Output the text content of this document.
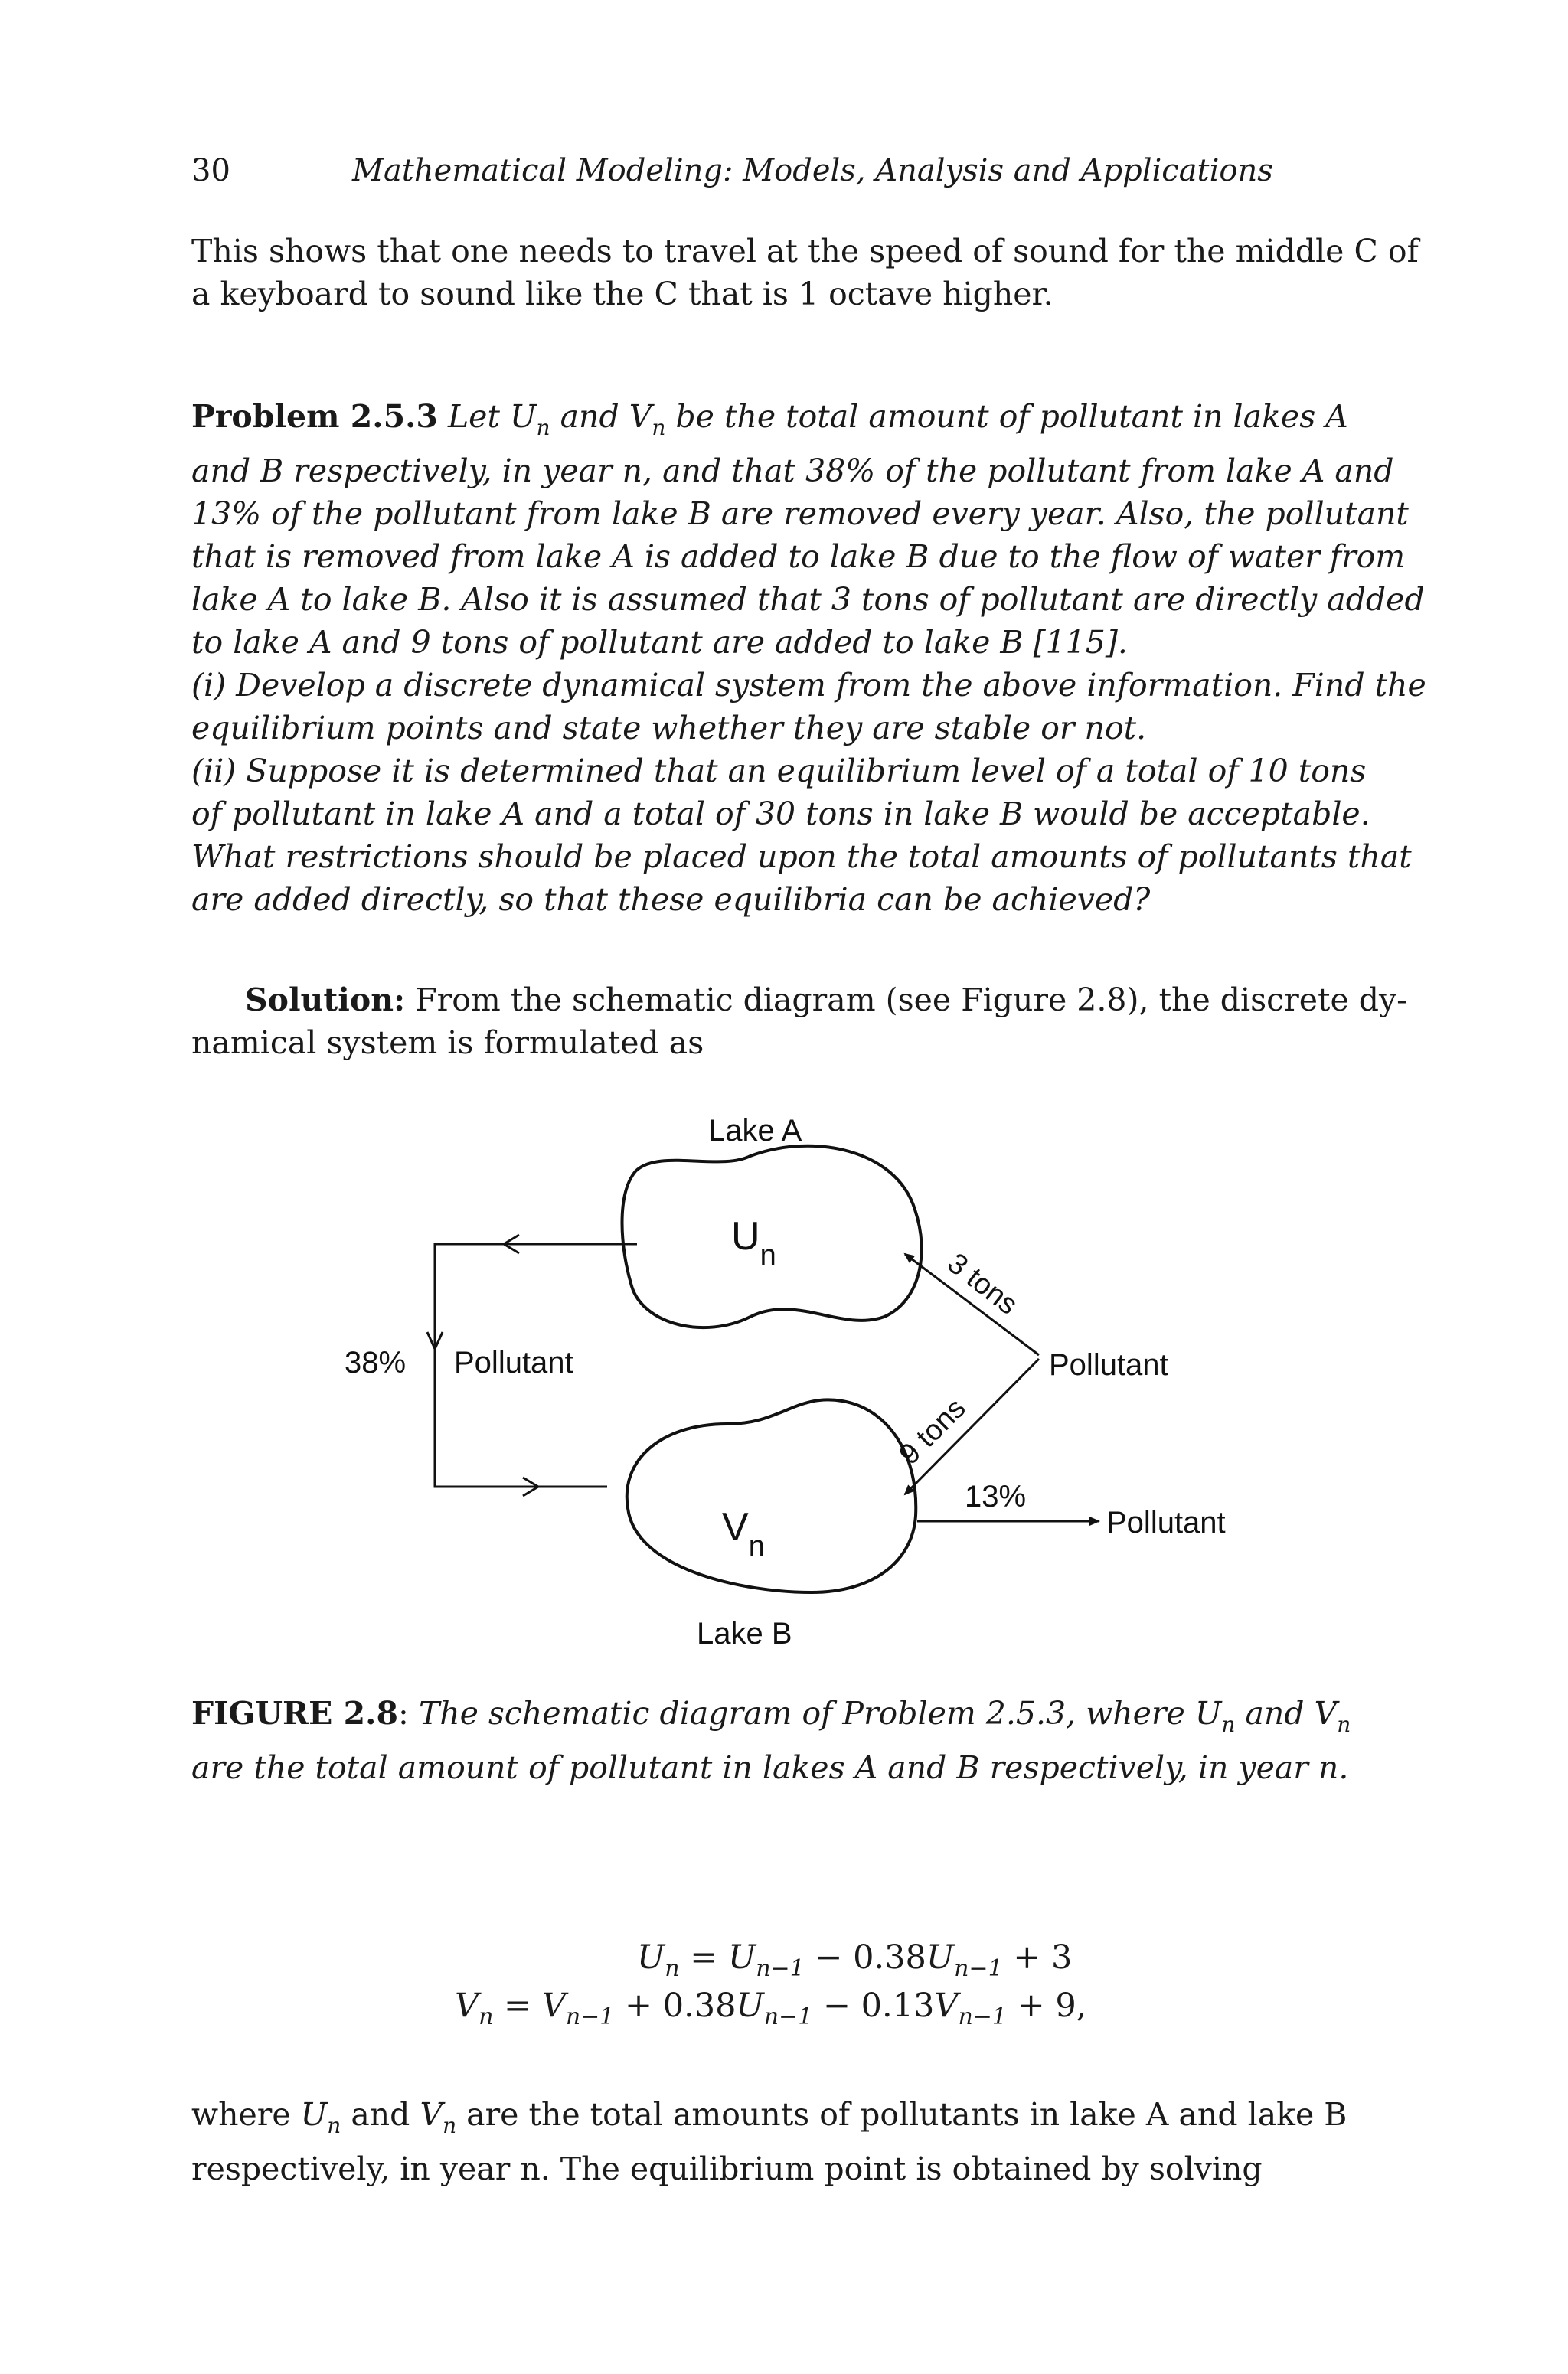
30	Mathematical Modeling: Models, Analysis and Applications
This shows that one needs to travel at the speed of sound for the middle C of
a keyboard to sound like the C that is 1 octave higher.
Problem 2.5.3 Let $U_n$ and $V_n$ be the total amount of pollutant in lakes A
and B respectively, in year n, and that 38% of the pollutant from lake A and
13% of the pollutant from lake B are removed every year. Also, the pollutant
that is removed from lake A is added to lake B due to the flow of water from
lake A to lake B. Also it is assumed that 3 tons of pollutant are directly added
to lake A and 9 tons of pollutant are added to lake B [115].
(i) Develop a discrete dynamical system from the above information. Find the
equilibrium points and state whether they are stable or not.
(ii) Suppose it is determined that an equilibrium level of a total of 10 tons
of pollutant in lake A and a total of 30 tons in lake B would be acceptable.
What restrictions should be placed upon the total amounts of pollutants that
are added directly, so that these equilibria can be achieved?
Solution: From the schematic diagram (see Figure 2.8), the discrete dy-
namical system is formulated as
Lake A
$U_n$
$V_n$
Lake B
38% Pollutant	Pollutant
3 tons
9 tons
13%
Pollutant
FIGURE 2.8: The schematic diagram of Problem 2.5.3, where $U_n$ and $V_n$
are the total amount of pollutant in lakes A and B respectively, in year n.
$U_n = U_{n-1} - 0.38U_{n-1} + 3$
$V_n = V_{n-1} + 0.38U_{n-1} - 0.13V_{n-1} + 9$,
where $U_n$ and $V_n$ are the total amounts of pollutants in lake A and lake B
respectively, in year n. The equilibrium point is obtained by solving
